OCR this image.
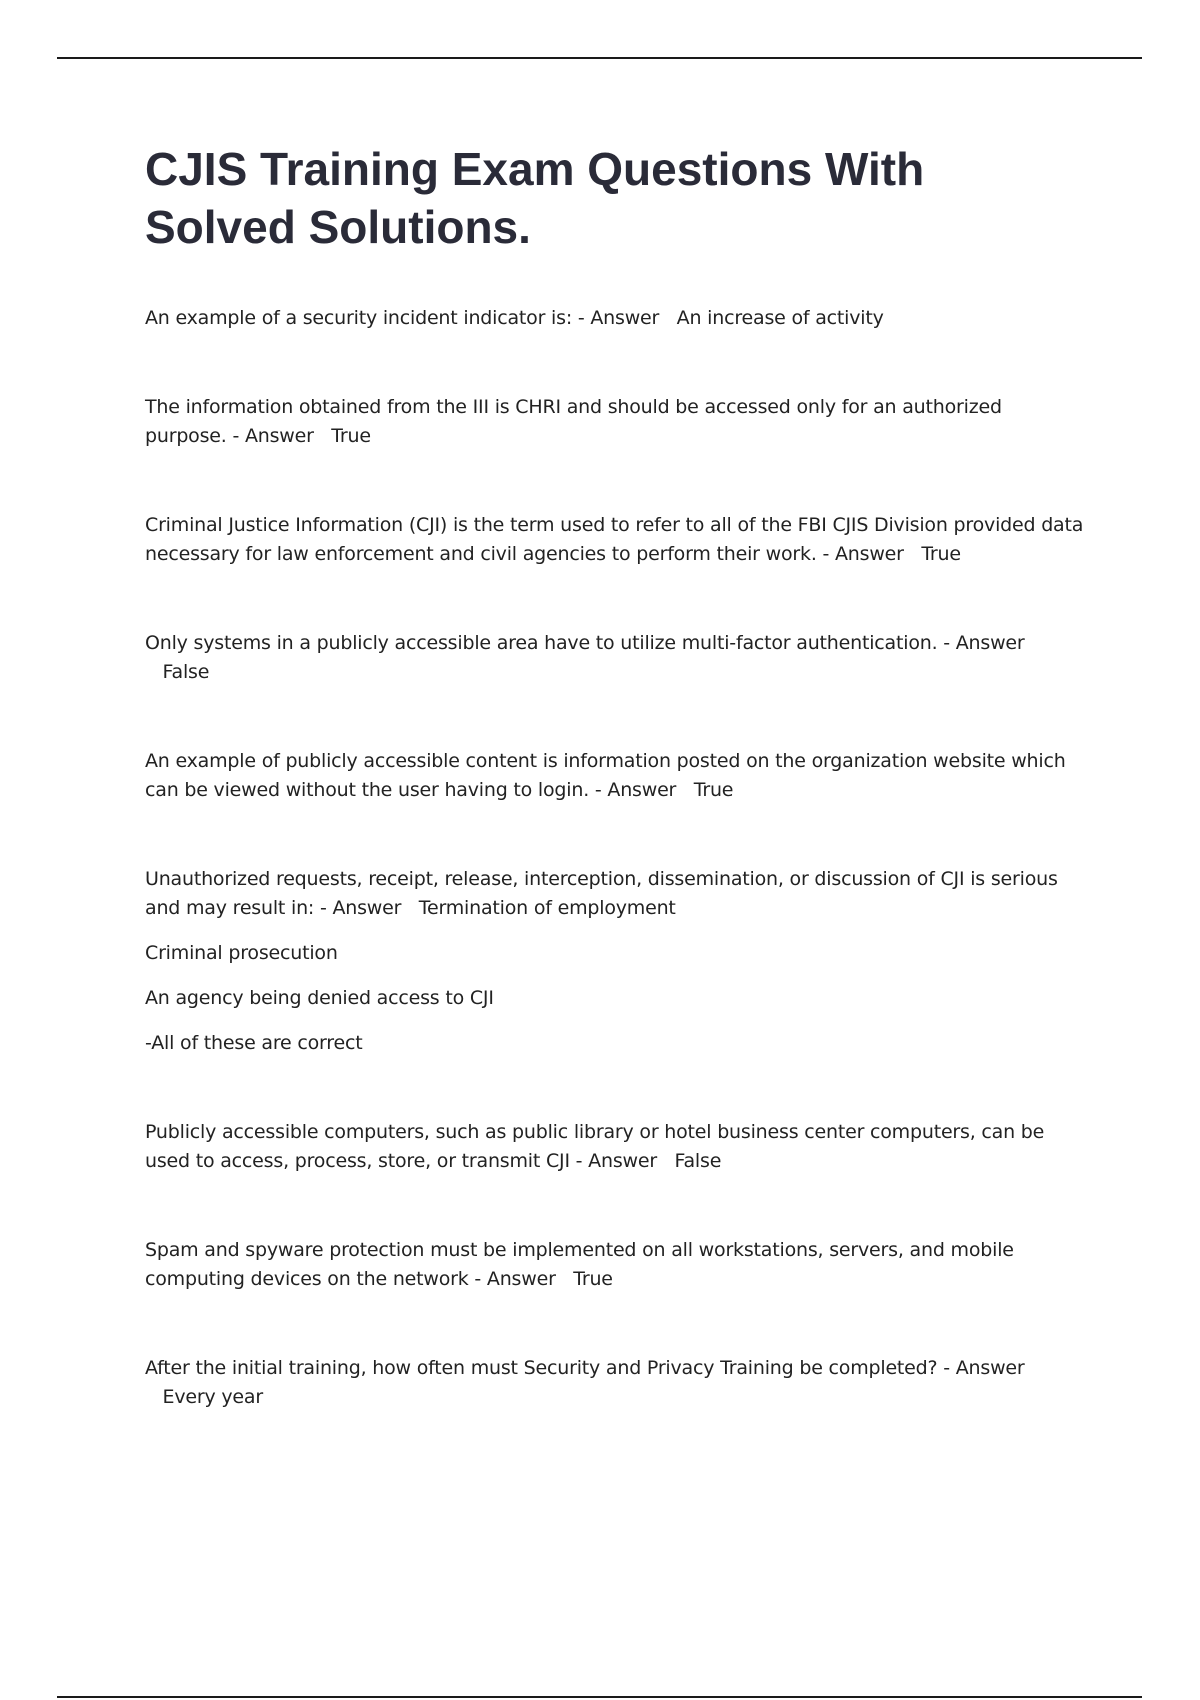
CJIS Training Exam Questions With Solved Solutions.

An example of a security incident indicator is: - Answer An increase of activity

The information obtained from the III is CHRI and should be accessed only for an authorized purpose. - Answer True

Criminal Justice Information (CJI) is the term used to refer to all of the FBI CJIS Division provided data necessary for law enforcement and civil agencies to perform their work. - Answer True

Only systems in a publicly accessible area have to utilize multi-factor authentication. - Answer   False

An example of publicly accessible content is information posted on the organization website which can be viewed without the user having to login. - Answer True

Unauthorized requests, receipt, release, interception, dissemination, or discussion of CJI is serious and may result in: - Answer Termination of employment

Criminal prosecution

An agency being denied access to CJI

-All of these are correct

Publicly accessible computers, such as public library or hotel business center computers, can be used to access, process, store, or transmit CJI - Answer False

Spam and spyware protection must be implemented on all workstations, servers, and mobile computing devices on the network - Answer True

After the initial training, how often must Security and Privacy Training be completed? - Answer   Every year
